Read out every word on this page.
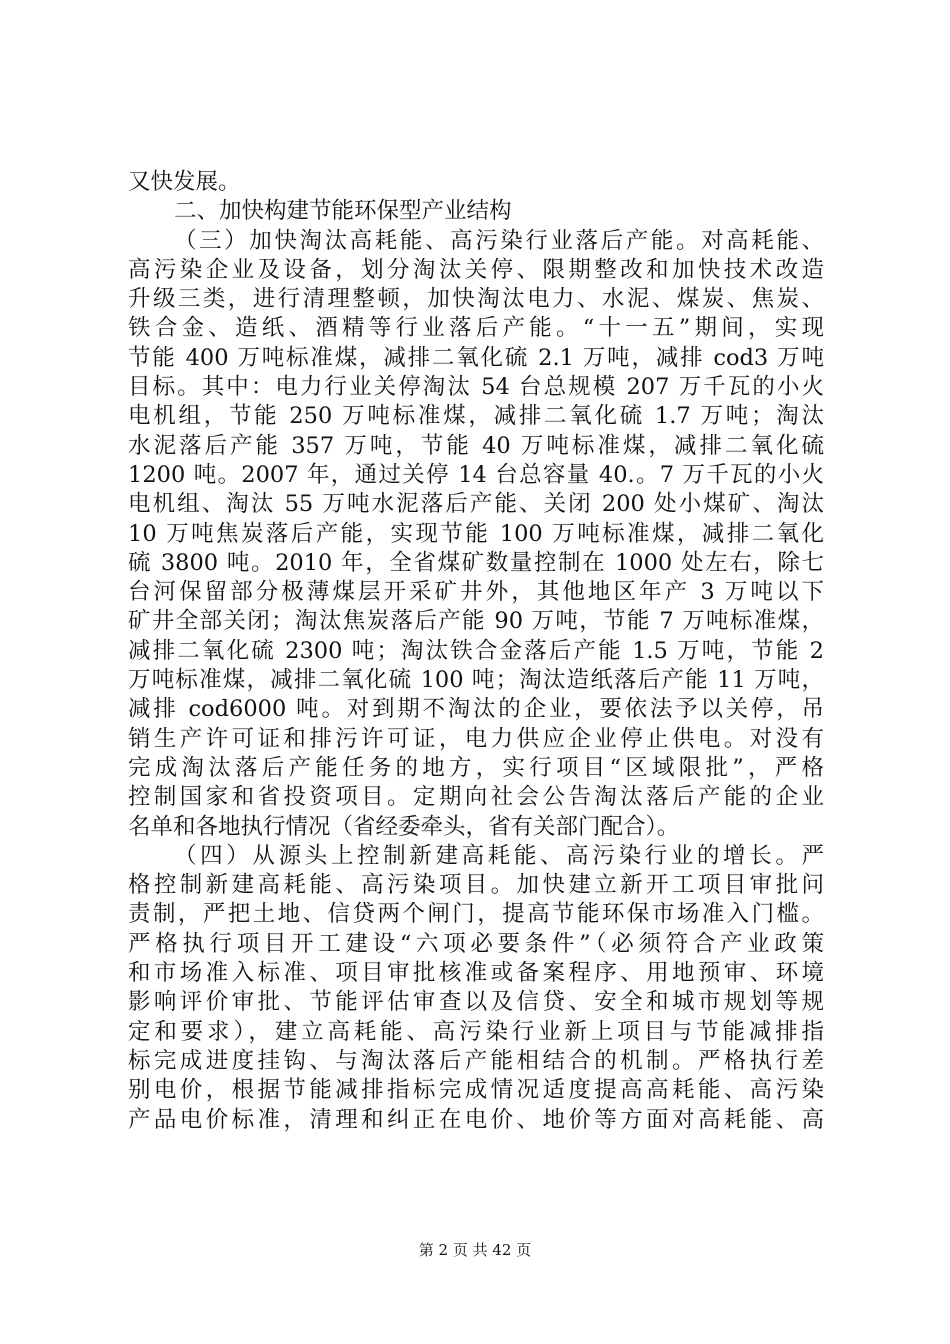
又快发展。
二、加快构建节能环保型产业结构
（三）加快淘汰高耗能、高污染行业落后产能。对高耗能、
高污染企业及设备，划分淘汰关停、限期整改和加快技术改造
升级三类，进行清理整顿，加快淘汰电力、水泥、煤炭、焦炭、
铁合金、造纸、酒精等行业落后产能。“十一五”期间，实现
节能 400 万吨标准煤，减排二氧化硫 2.1 万吨，减排 cod3 万吨
目标。其中：电力行业关停淘汰 54 台总规模 207 万千瓦的小火
电机组，节能 250 万吨标准煤，减排二氧化硫 1.7 万吨；淘汰
水泥落后产能 357 万吨，节能 40 万吨标准煤，减排二氧化硫
1200 吨。2007 年，通过关停 14 台总容量 40.。7 万千瓦的小火
电机组、淘汰 55 万吨水泥落后产能、关闭 200 处小煤矿、淘汰
10 万吨焦炭落后产能，实现节能 100 万吨标准煤，减排二氧化
硫 3800 吨。2010 年，全省煤矿数量控制在 1000 处左右，除七
台河保留部分极薄煤层开采矿井外，其他地区年产 3 万吨以下
矿井全部关闭；淘汰焦炭落后产能 90 万吨，节能 7 万吨标准煤，
减排二氧化硫 2300 吨；淘汰铁合金落后产能 1.5 万吨，节能 2
万吨标准煤，减排二氧化硫 100 吨；淘汰造纸落后产能 11 万吨，
减排 cod6000 吨。对到期不淘汰的企业，要依法予以关停，吊
销生产许可证和排污许可证，电力供应企业停止供电。对没有
完成淘汰落后产能任务的地方，实行项目“区域限批”，严格
控制国家和省投资项目。定期向社会公告淘汰落后产能的企业
名单和各地执行情况（省经委牵头，省有关部门配合）。
（四）从源头上控制新建高耗能、高污染行业的增长。严
格控制新建高耗能、高污染项目。加快建立新开工项目审批问
责制，严把土地、信贷两个闸门，提高节能环保市场准入门槛。
严格执行项目开工建设“六项必要条件”（必须符合产业政策
和市场准入标准、项目审批核准或备案程序、用地预审、环境
影响评价审批、节能评估审查以及信贷、安全和城市规划等规
定和要求），建立高耗能、高污染行业新上项目与节能减排指
标完成进度挂钩、与淘汰落后产能相结合的机制。严格执行差
别电价，根据节能减排指标完成情况适度提高高耗能、高污染
产品电价标准，清理和纠正在电价、地价等方面对高耗能、高
第 2 页 共 42 页
